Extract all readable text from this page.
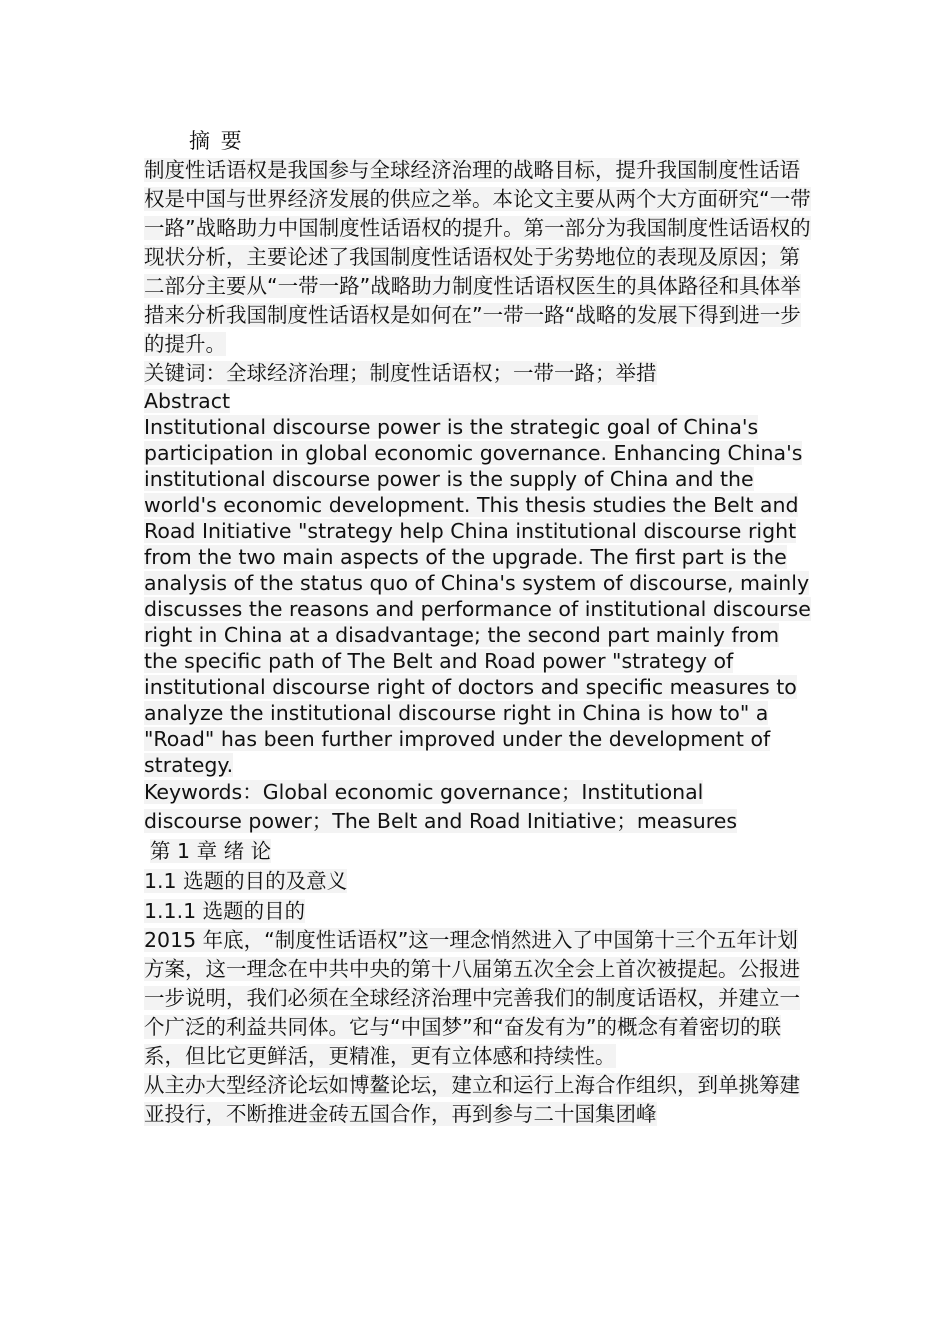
摘 要

制度性话语权是我国参与全球经济治理的战略目标，提升我国制度性话语权是中国与世界经济发展的供应之举。本论文主要从两个大方面研究“一带一路”战略助力中国制度性话语权的提升。第一部分为我国制度性话语权的现状分析，主要论述了我国制度性话语权处于劣势地位的表现及原因；第二部分主要从“一带一路”战略助力制度性话语权医生的具体路径和具体举措来分析我国制度性话语权是如何在”一带一路“战略的发展下得到进一步的提升。

关键词：全球经济治理；制度性话语权；一带一路；举措

Abstract

Institutional discourse power is the strategic goal of China's participation in global economic governance. Enhancing China's institutional discourse power is the supply of China and the world's economic development. This thesis studies the Belt and Road Initiative "strategy help China institutional discourse right from the two main aspects of the upgrade. The first part is the analysis of the status quo of China's system of discourse, mainly discusses the reasons and performance of institutional discourse right in China at a disadvantage; the second part mainly from the specific path of The Belt and Road power "strategy of institutional discourse right of doctors and specific measures to analyze the institutional discourse right in China is how to" a "Road" has been further improved under the development of strategy.

Keywords：Global economic governance；Institutional
discourse power；The Belt and Road Initiative；measures

第 1 章 绪 论

1.1 选题的目的及意义

1.1.1 选题的目的

2015 年底，“制度性话语权”这一理念悄然进入了中国第十三个五年计划方案，这一理念在中共中央的第十八届第五次全会上首次被提起。公报进一步说明，我们必须在全球经济治理中完善我们的制度话语权，并建立一个广泛的利益共同体。它与“中国梦”和“奋发有为”的概念有着密切的联系，但比它更鲜活，更精准，更有立体感和持续性。

从主办大型经济论坛如博鳌论坛，建立和运行上海合作组织，到单挑筹建亚投行，不断推进金砖五国合作，再到参与二十国集团峰
